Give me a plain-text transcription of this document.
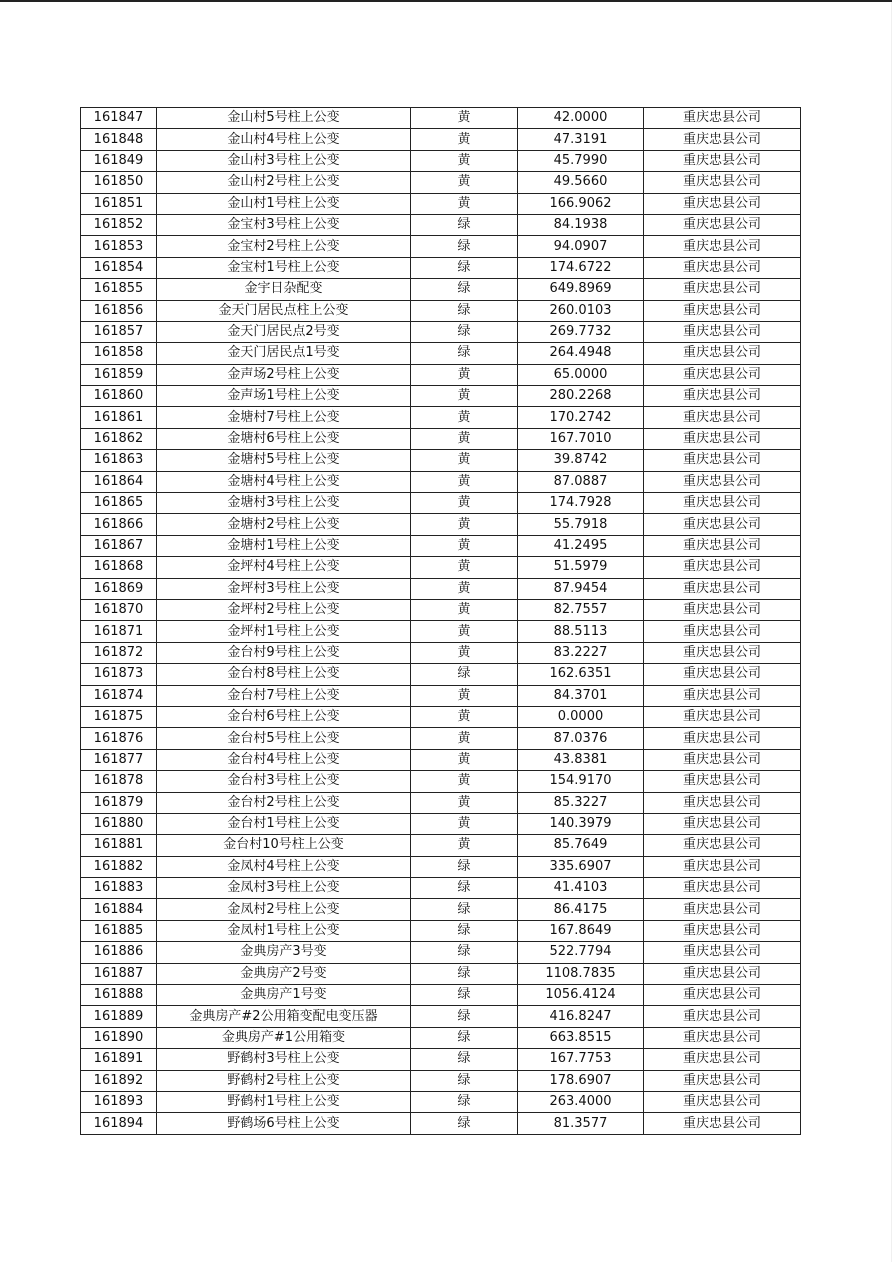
161847	金山村5号柱上公变	黄	42.0000	重庆忠县公司
161848	金山村4号柱上公变	黄	47.3191	重庆忠县公司
161849	金山村3号柱上公变	黄	45.7990	重庆忠县公司
161850	金山村2号柱上公变	黄	49.5660	重庆忠县公司
161851	金山村1号柱上公变	黄	166.9062	重庆忠县公司
161852	金宝村3号柱上公变	绿	84.1938	重庆忠县公司
161853	金宝村2号柱上公变	绿	94.0907	重庆忠县公司
161854	金宝村1号柱上公变	绿	174.6722	重庆忠县公司
161855	金宇日杂配变	绿	649.8969	重庆忠县公司
161856	金天门居民点柱上公变	绿	260.0103	重庆忠县公司
161857	金天门居民点2号变	绿	269.7732	重庆忠县公司
161858	金天门居民点1号变	绿	264.4948	重庆忠县公司
161859	金声场2号柱上公变	黄	65.0000	重庆忠县公司
161860	金声场1号柱上公变	黄	280.2268	重庆忠县公司
161861	金塘村7号柱上公变	黄	170.2742	重庆忠县公司
161862	金塘村6号柱上公变	黄	167.7010	重庆忠县公司
161863	金塘村5号柱上公变	黄	39.8742	重庆忠县公司
161864	金塘村4号柱上公变	黄	87.0887	重庆忠县公司
161865	金塘村3号柱上公变	黄	174.7928	重庆忠县公司
161866	金塘村2号柱上公变	黄	55.7918	重庆忠县公司
161867	金塘村1号柱上公变	黄	41.2495	重庆忠县公司
161868	金坪村4号柱上公变	黄	51.5979	重庆忠县公司
161869	金坪村3号柱上公变	黄	87.9454	重庆忠县公司
161870	金坪村2号柱上公变	黄	82.7557	重庆忠县公司
161871	金坪村1号柱上公变	黄	88.5113	重庆忠县公司
161872	金台村9号柱上公变	黄	83.2227	重庆忠县公司
161873	金台村8号柱上公变	绿	162.6351	重庆忠县公司
161874	金台村7号柱上公变	黄	84.3701	重庆忠县公司
161875	金台村6号柱上公变	黄	0.0000	重庆忠县公司
161876	金台村5号柱上公变	黄	87.0376	重庆忠县公司
161877	金台村4号柱上公变	黄	43.8381	重庆忠县公司
161878	金台村3号柱上公变	黄	154.9170	重庆忠县公司
161879	金台村2号柱上公变	黄	85.3227	重庆忠县公司
161880	金台村1号柱上公变	黄	140.3979	重庆忠县公司
161881	金台村10号柱上公变	黄	85.7649	重庆忠县公司
161882	金凤村4号柱上公变	绿	335.6907	重庆忠县公司
161883	金凤村3号柱上公变	绿	41.4103	重庆忠县公司
161884	金凤村2号柱上公变	绿	86.4175	重庆忠县公司
161885	金凤村1号柱上公变	绿	167.8649	重庆忠县公司
161886	金典房产3号变	绿	522.7794	重庆忠县公司
161887	金典房产2号变	绿	1108.7835	重庆忠县公司
161888	金典房产1号变	绿	1056.4124	重庆忠县公司
161889	金典房产#2公用箱变配电变压器	绿	416.8247	重庆忠县公司
161890	金典房产#1公用箱变	绿	663.8515	重庆忠县公司
161891	野鹤村3号柱上公变	绿	167.7753	重庆忠县公司
161892	野鹤村2号柱上公变	绿	178.6907	重庆忠县公司
161893	野鹤村1号柱上公变	绿	263.4000	重庆忠县公司
161894	野鹤场6号柱上公变	绿	81.3577	重庆忠县公司
